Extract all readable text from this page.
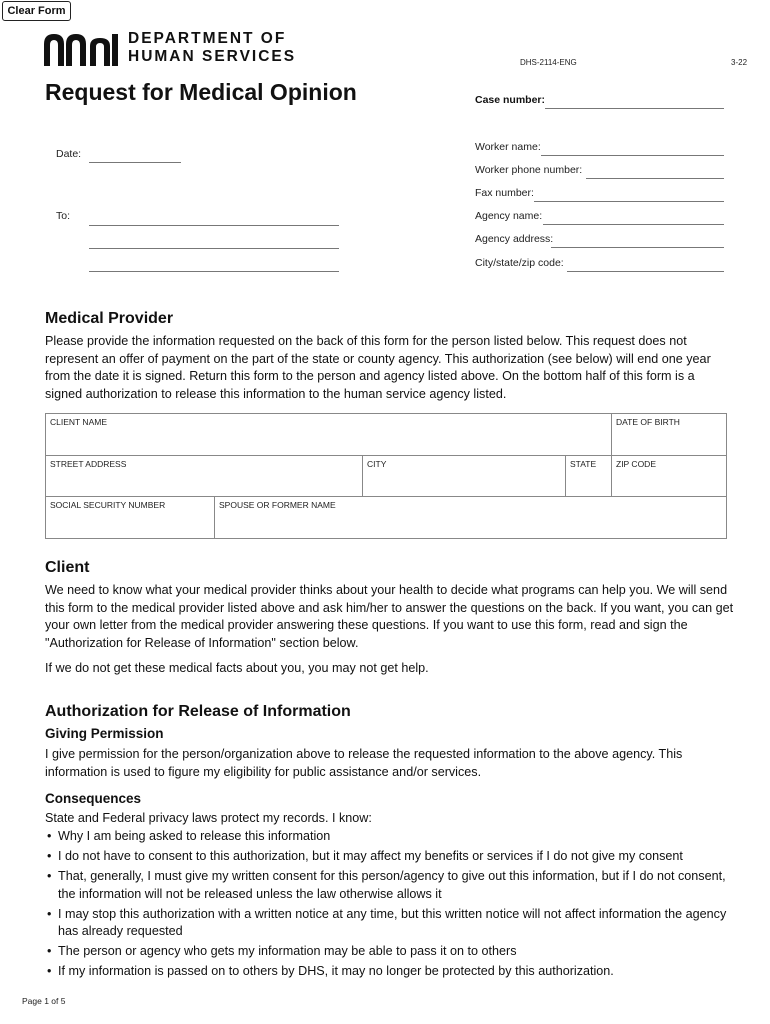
Clear Form
DEPARTMENT OF
HUMAN SERVICES	DHS-2114-ENG	3-22
Request for Medical Opinion	Case number:
Worker name:
Worker phone number:
Fax number:
Agency name:
Agency address:
City/state/zip code:
Date:
To:
Medical Provider

Please provide the information requested on the back of this form for the person listed below. This request does not represent an offer of payment on the part of the state or county agency. This authorization (see below) will end one year from the date it is signed. Return this form to the person and agency listed above. On the bottom half of this form is a signed authorization to release this information to the human service agency listed.

CLIENT NAME				DATE OF BIRTH
STREET ADDRESS		CITY	STATE	ZIP CODE
SOCIAL SECURITY NUMBER	SPOUSE OR FORMER NAME			
Client

We need to know what your medical provider thinks about your health to decide what programs can help you. We will send this form to the medical provider listed above and ask him/her to answer the questions on the back. If you want, you can get your own letter from the medical provider answering these questions. If you want to use this form, read and sign the "Authorization for Release of Information" section below.

If we do not get these medical facts about you, you may not get help.

Authorization for Release of Information
Giving Permission

I give permission for the person/organization above to release the requested information to the above agency. This information is used to figure my eligibility for public assistance and/or services.

Consequences

State and Federal privacy laws protect my records. I know:

• Why I am being asked to release this information
• I do not have to consent to this authorization, but it may affect my benefits or services if I do not give my consent
• That, generally, I must give my written consent for this person/agency to give out this information, but if I do not consent, the information will not be released unless the law otherwise allows it
• I may stop this authorization with a written notice at any time, but this written notice will not affect information the agency has already requested
• The person or agency who gets my information may be able to pass it on to others
• If my information is passed on to others by DHS, it may no longer be protected by this authorization.
Page 1 of 5
